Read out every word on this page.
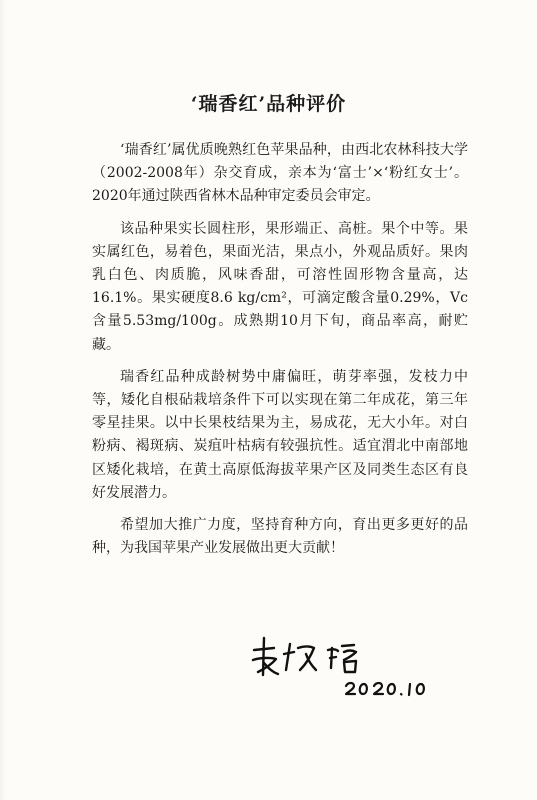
‘瑞香红’品种评价

‘瑞香红’属优质晚熟红色苹果品种，由西北农林科技大学（2002-2008年）杂交育成，亲本为‘富士’×‘粉红女士’。2020年通过陕西省林木品种审定委员会审定。

该品种果实长圆柱形，果形端正、高桩。果个中等。果实属红色，易着色，果面光洁，果点小，外观品质好。果肉乳白色、肉质脆，风味香甜，可溶性固形物含量高，达16.1%。果实硬度8.6 kg/cm²，可滴定酸含量0.29%，Vc含量5.53mg/100g。成熟期10月下旬，商品率高，耐贮藏。

瑞香红品种成龄树势中庸偏旺，萌芽率强，发枝力中等，矮化自根砧栽培条件下可以实现在第二年成花，第三年零星挂果。以中长果枝结果为主，易成花，无大小年。对白粉病、褐斑病、炭疽叶枯病有较强抗性。适宜渭北中南部地区矮化栽培，在黄土高原低海拔苹果产区及同类生态区有良好发展潜力。

希望加大推广力度，坚持育种方向，育出更多更好的品种，为我国苹果产业发展做出更大贡献！
